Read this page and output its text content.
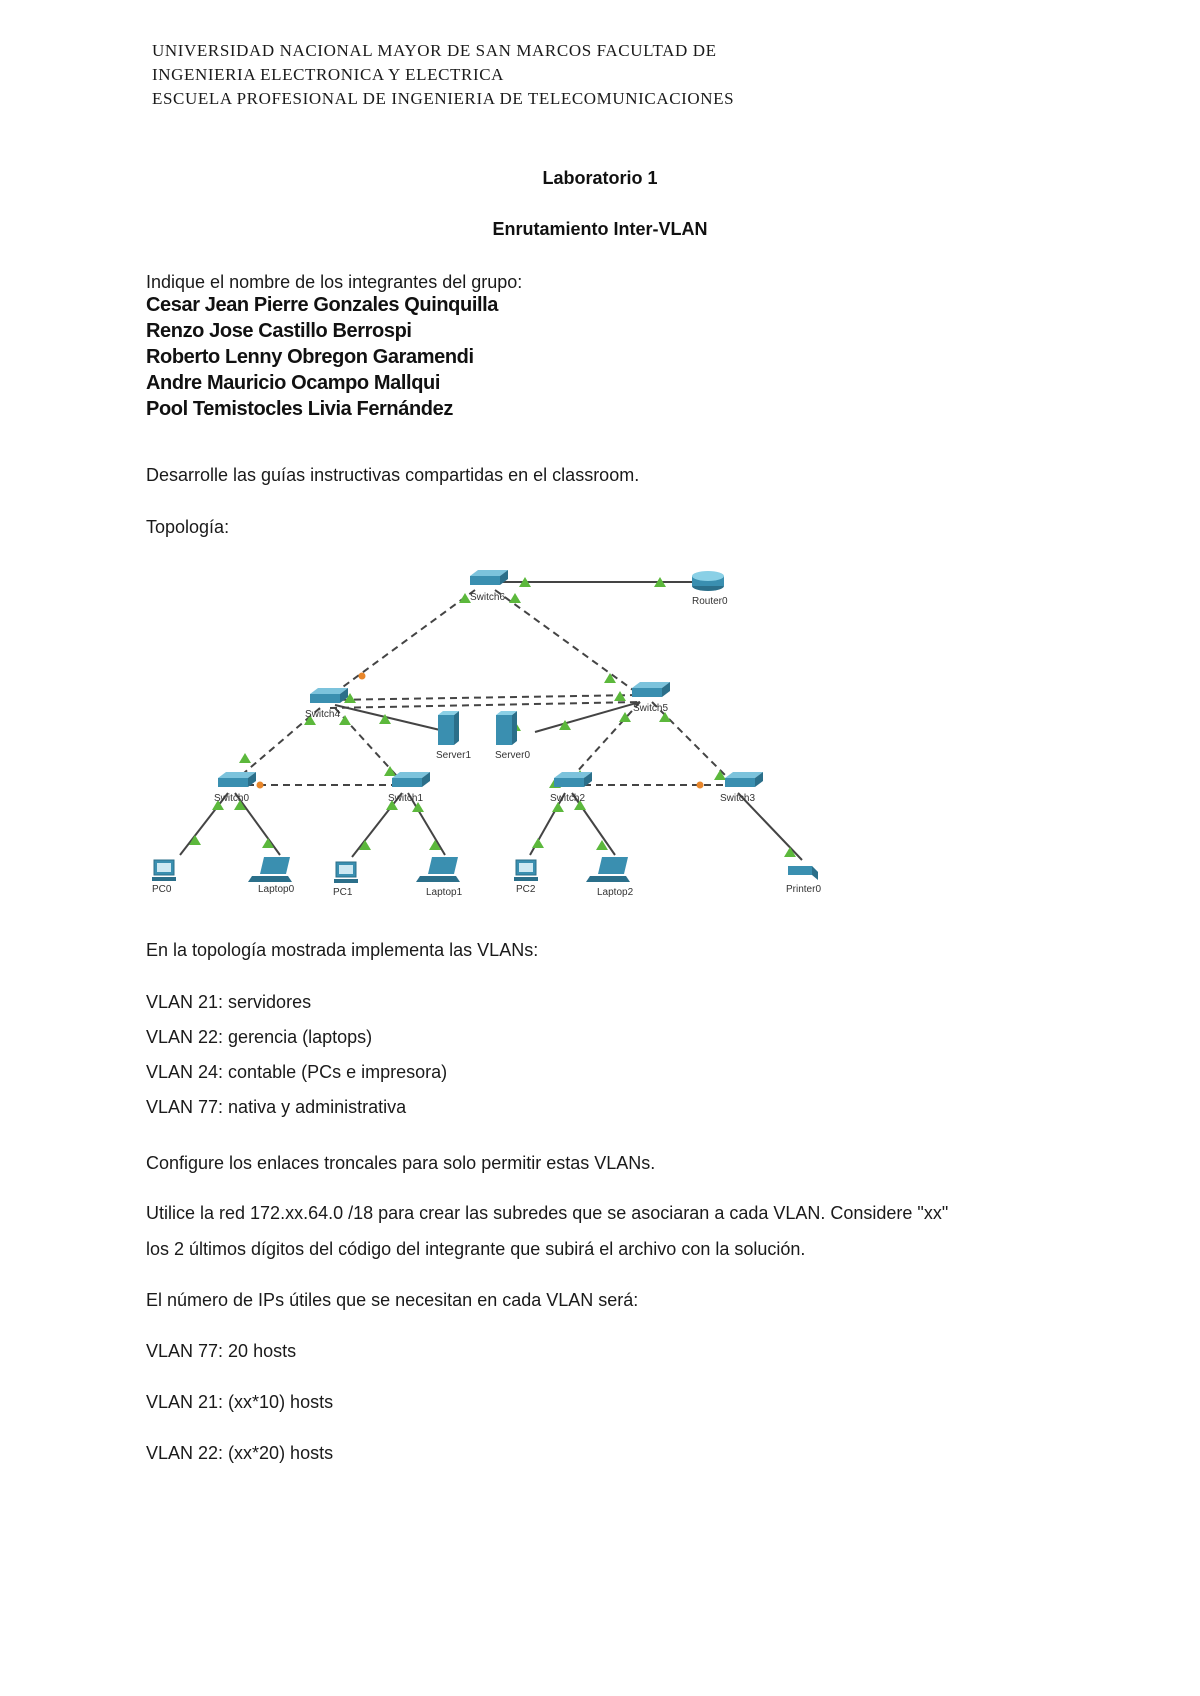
UNIVERSIDAD NACIONAL MAYOR DE SAN MARCOS FACULTAD DE
INGENIERIA ELECTRONICA Y ELECTRICA
ESCUELA PROFESIONAL DE INGENIERIA DE TELECOMUNICACIONES
Laboratorio 1
Enrutamiento Inter-VLAN
Indique el nombre de los integrantes del grupo:
Cesar Jean Pierre Gonzales Quinquilla
Renzo Jose Castillo Berrospi
Roberto Lenny Obregon Garamendi
Andre Mauricio Ocampo Mallqui
Pool Temistocles Livia Fernández
Desarrolle las guías instructivas compartidas en el classroom.
Topología:
Switch6	Router0
Switch4
Switch5
Server1 Server0
Switch0	Switch1	Switch2	Switch3
PC0	Laptop0	PC1	Laptop1	PC2	Laptop2	Printer0
En la topología mostrada implementa las VLANs:
VLAN 21: servidores
VLAN 22: gerencia (laptops)
VLAN 24: contable (PCs e impresora)
VLAN 77: nativa y administrativa
Configure los enlaces troncales para solo permitir estas VLANs.
Utilice la red 172.xx.64.0 /18 para crear las subredes que se asociaran a cada VLAN. Considere "xx"
los 2 últimos dígitos del código del integrante que subirá el archivo con la solución.
El número de IPs útiles que se necesitan en cada VLAN será:
VLAN 77: 20 hosts
VLAN 21: (xx*10) hosts
VLAN 22: (xx*20) hosts
